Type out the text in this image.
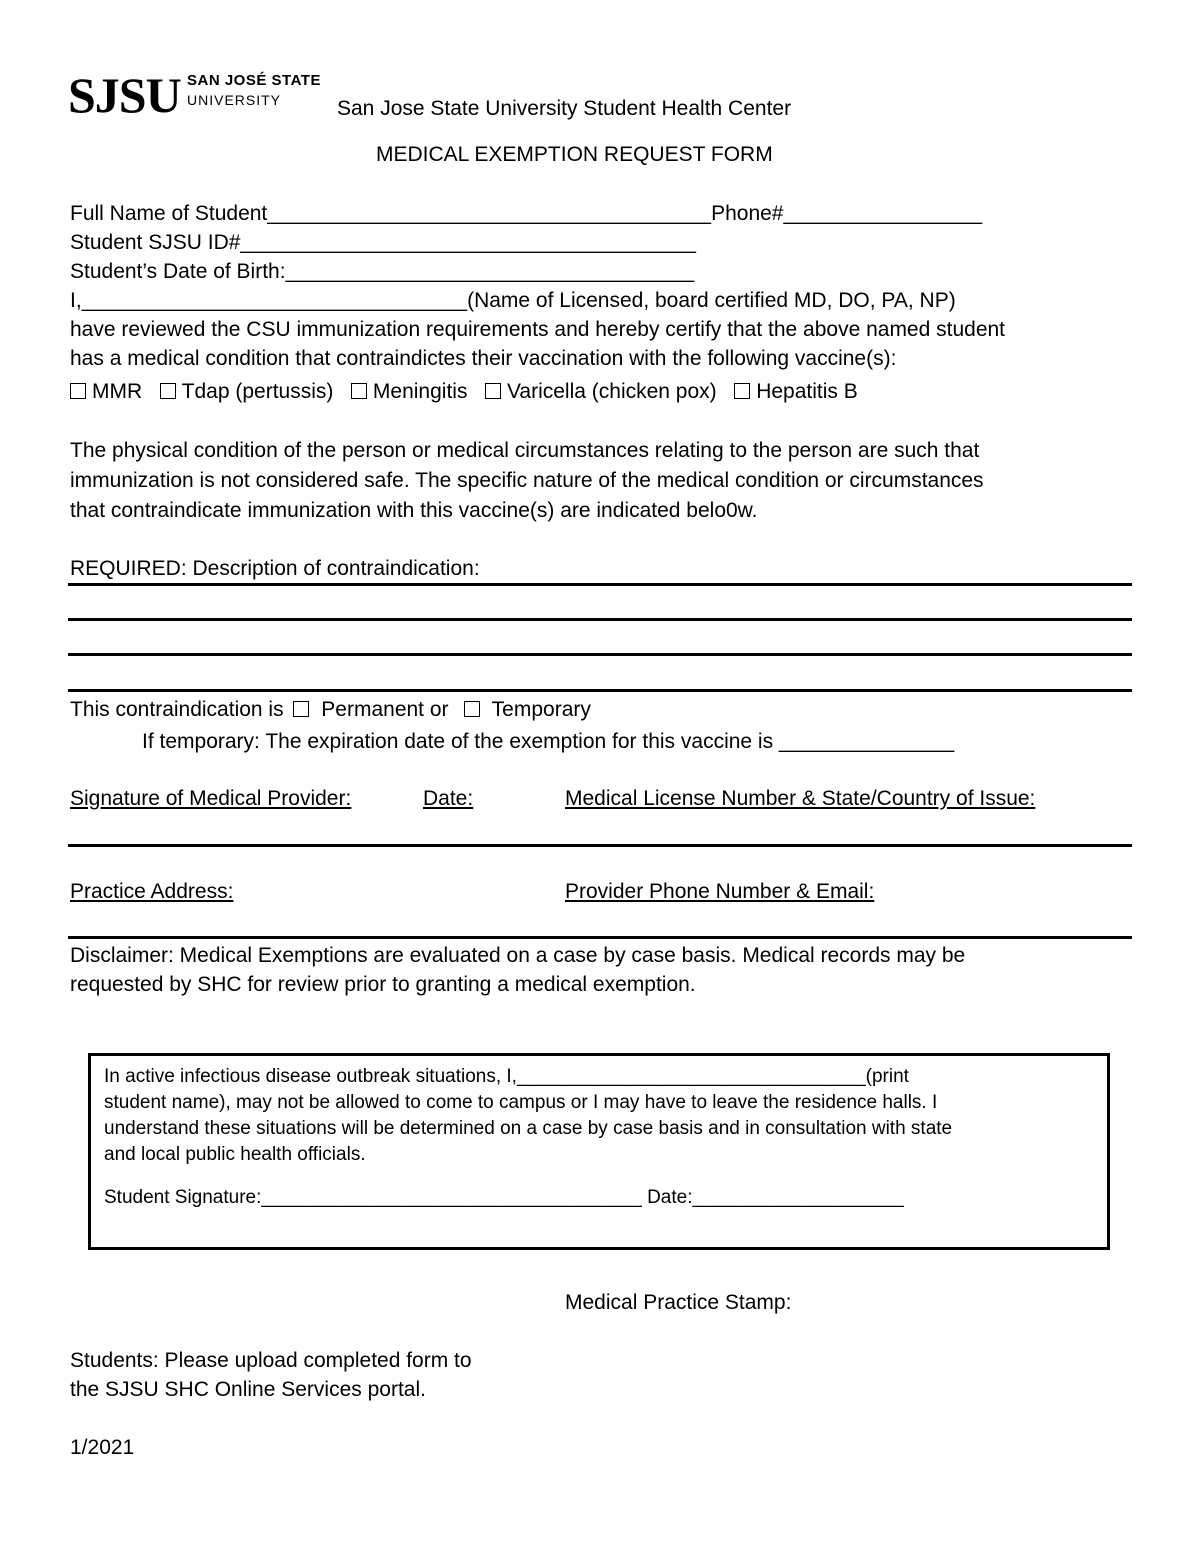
SJSU SAN JOSÉ STATE
UNIVERSITY	San Jose State University Student Health Center
MEDICAL EXEMPTION REQUEST FORM
Full Name of Student______________________________________Phone#_________________
Student SJSU ID#_______________________________________
Student’s Date of Birth:___________________________________
I,_________________________________(Name of Licensed, board certified MD, DO, PA, NP)
have reviewed the CSU immunization requirements and hereby certify that the above named student
has a medical condition that contraindictes their vaccination with the following vaccine(s):
MMR Tdap (pertussis) Meningitis Varicella (chicken pox) Hepatitis B
The physical condition of the person or medical circumstances relating to the person are such that
immunization is not considered safe. The specific nature of the medical condition or circumstances
that contraindicate immunization with this vaccine(s) are indicated belo0w.
REQUIRED: Description of contraindication:
This contraindication is Permanent or Temporary
If temporary: The expiration date of the exemption for this vaccine is _______________
Signature of Medical Provider:	Date:	Medical License Number & State/Country of Issue:
Practice Address:	Provider Phone Number & Email:
Disclaimer: Medical Exemptions are evaluated on a case by case basis. Medical records may be
requested by SHC for review prior to granting a medical exemption.
In active infectious disease outbreak situations, I,_________________________________(print
student name), may not be allowed to come to campus or I may have to leave the residence halls. I
understand these situations will be determined on a case by case basis and in consultation with state
and local public health officials.
Student Signature:____________________________________ Date:____________________
Medical Practice Stamp:
Students: Please upload completed form to
the SJSU SHC Online Services portal.
1/2021
